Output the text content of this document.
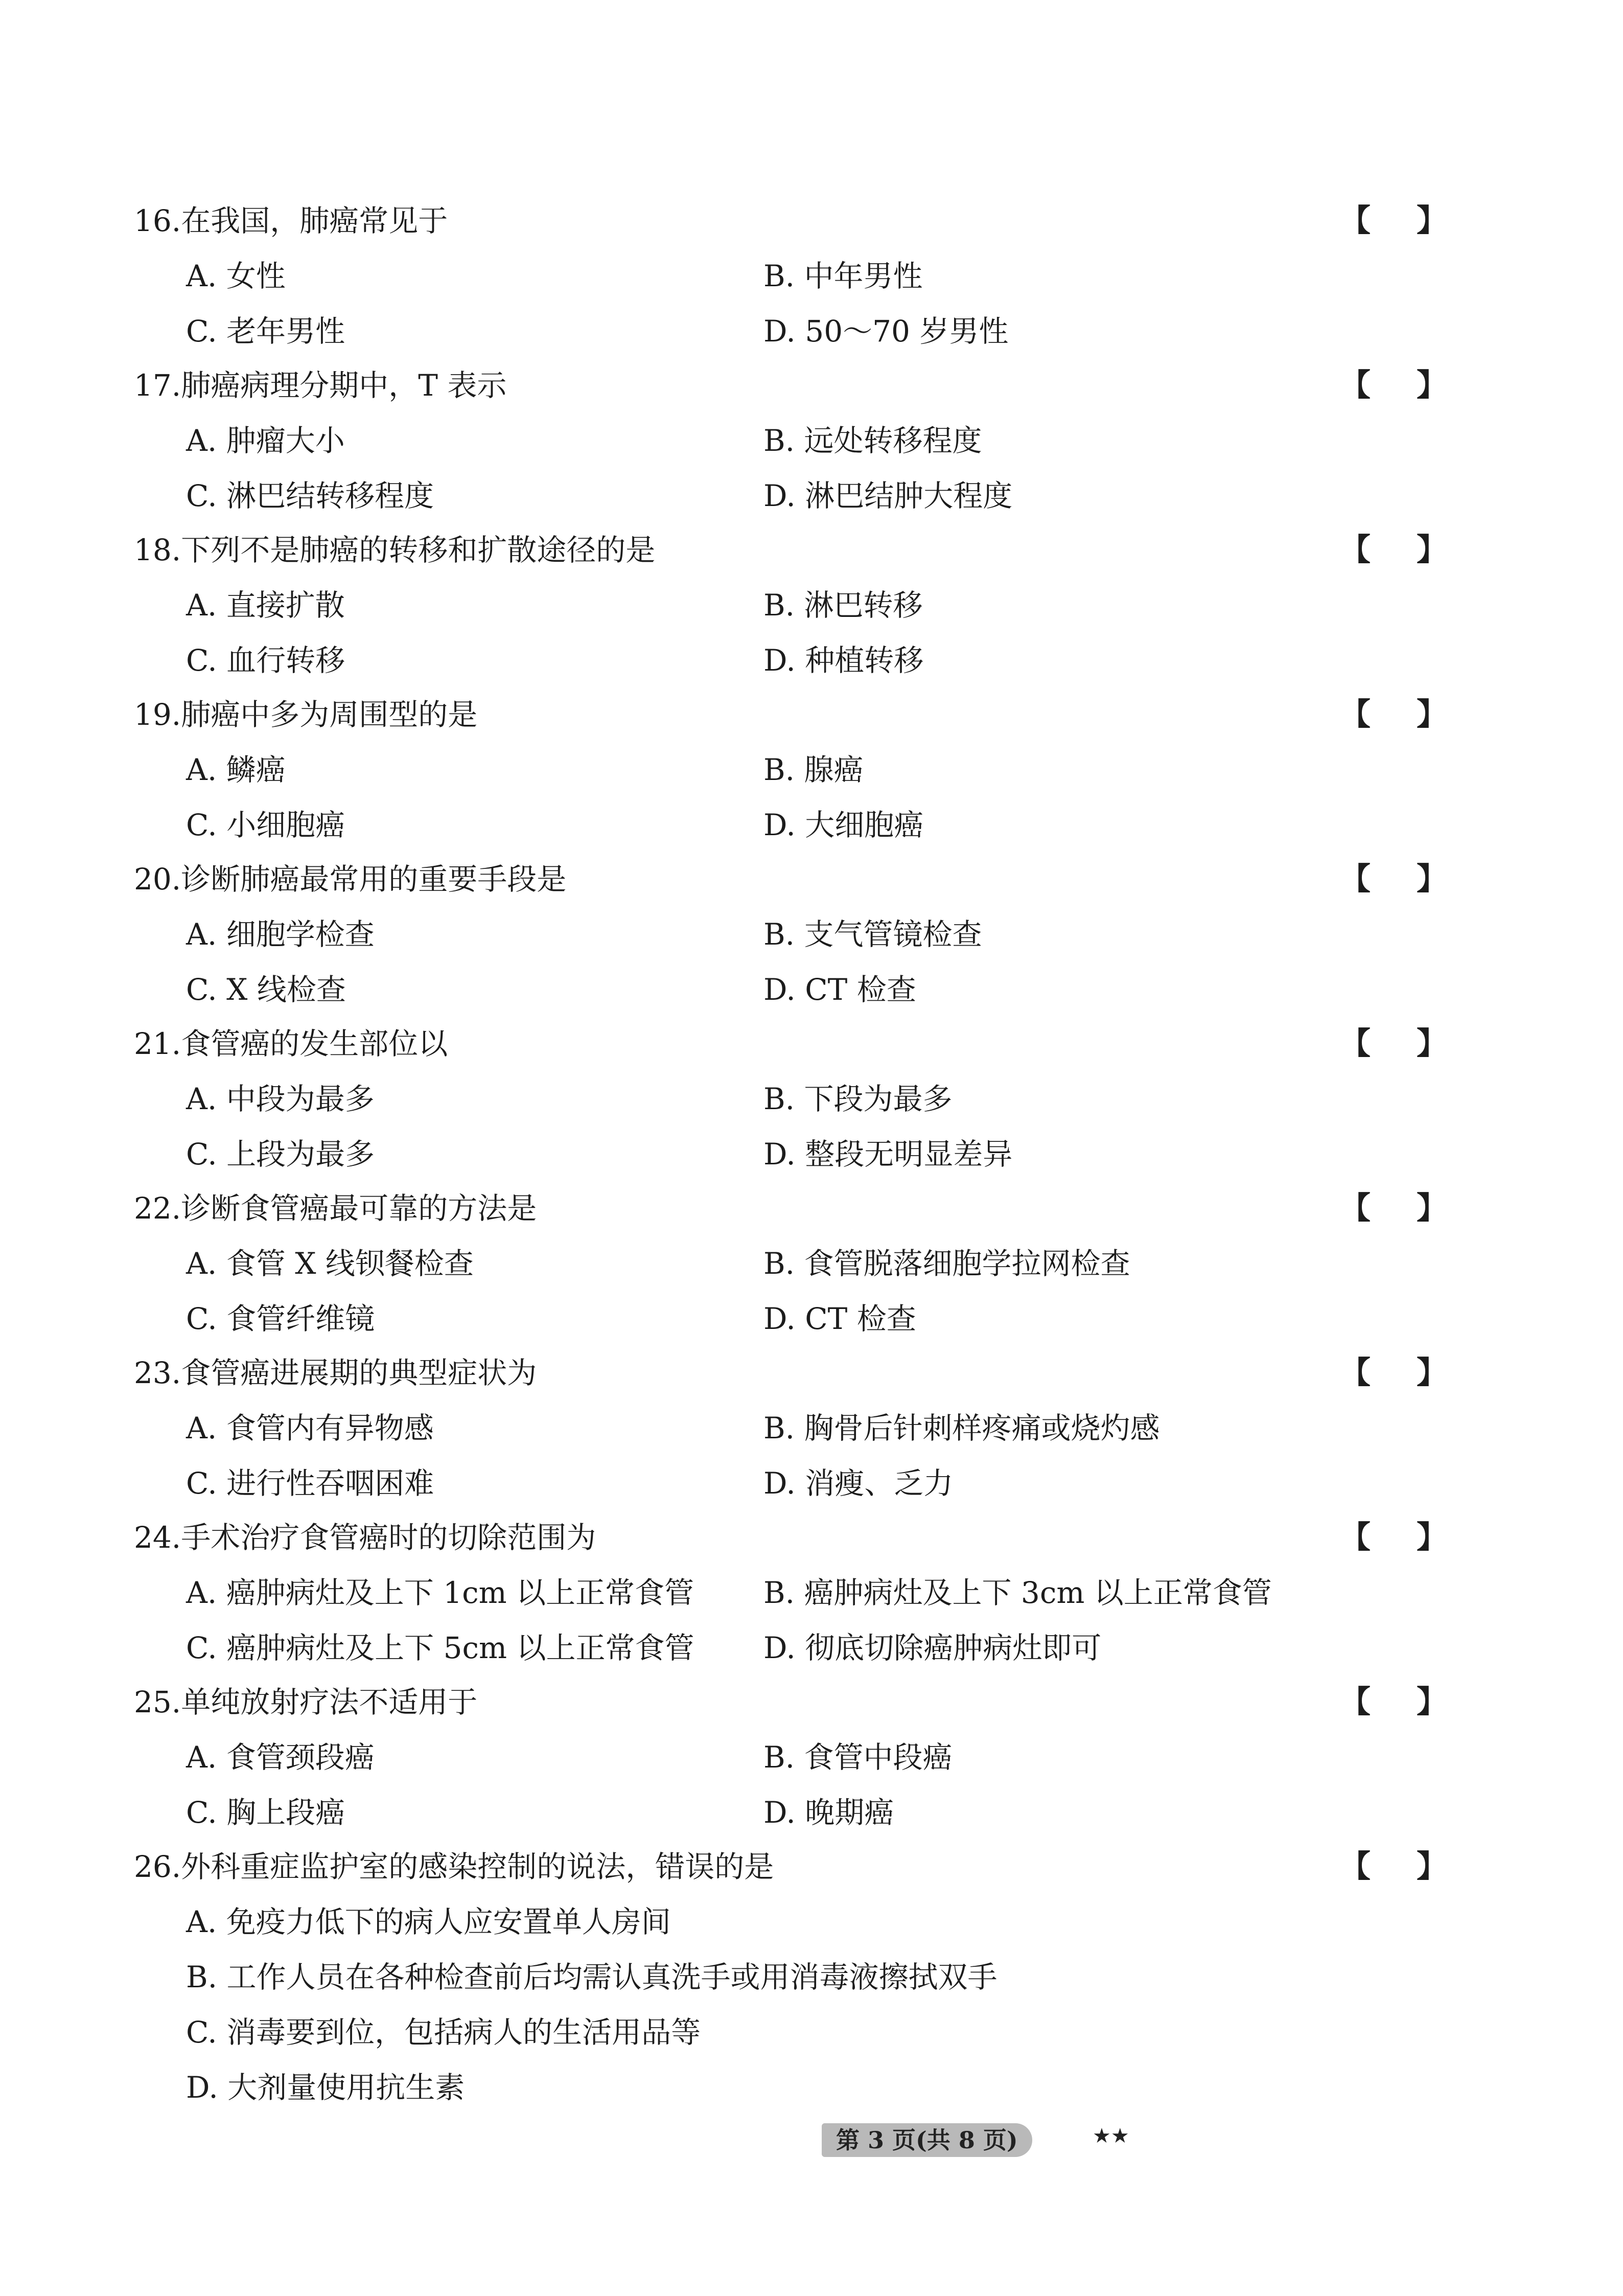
16.在我国，肺癌常见于	【 】
A. 女性	B. 中年男性
C. 老年男性	D. 50～70 岁男性
17.肺癌病理分期中，T 表示	【 】
A. 肿瘤大小	B. 远处转移程度
C. 淋巴结转移程度	D. 淋巴结肿大程度
18.下列不是肺癌的转移和扩散途径的是	【 】
A. 直接扩散	B. 淋巴转移
C. 血行转移	D. 种植转移
19.肺癌中多为周围型的是	【 】
A. 鳞癌	B. 腺癌
C. 小细胞癌	D. 大细胞癌
20.诊断肺癌最常用的重要手段是	【 】
A. 细胞学检查	B. 支气管镜检查
C. X 线检查	D. CT 检查
21.食管癌的发生部位以	【 】
A. 中段为最多	B. 下段为最多
C. 上段为最多	D. 整段无明显差异
22.诊断食管癌最可靠的方法是	【 】
A. 食管 X 线钡餐检查	B. 食管脱落细胞学拉网检查
C. 食管纤维镜	D. CT 检查
23.食管癌进展期的典型症状为	【 】
A. 食管内有异物感	B. 胸骨后针刺样疼痛或烧灼感
C. 进行性吞咽困难	D. 消瘦、乏力
24.手术治疗食管癌时的切除范围为	【 】
A. 癌肿病灶及上下 1cm 以上正常食管 B. 癌肿病灶及上下 3cm 以上正常食管
C. 癌肿病灶及上下 5cm 以上正常食管 D. 彻底切除癌肿病灶即可
25.单纯放射疗法不适用于	【 】
A. 食管颈段癌	B. 食管中段癌
C. 胸上段癌	D. 晚期癌
26.外科重症监护室的感染控制的说法，错误的是	【 】
A. 免疫力低下的病人应安置单人房间
B. 工作人员在各种检查前后均需认真洗手或用消毒液擦拭双手
C. 消毒要到位，包括病人的生活用品等
D. 大剂量使用抗生素
第 3 页(共 8 页)	★★
